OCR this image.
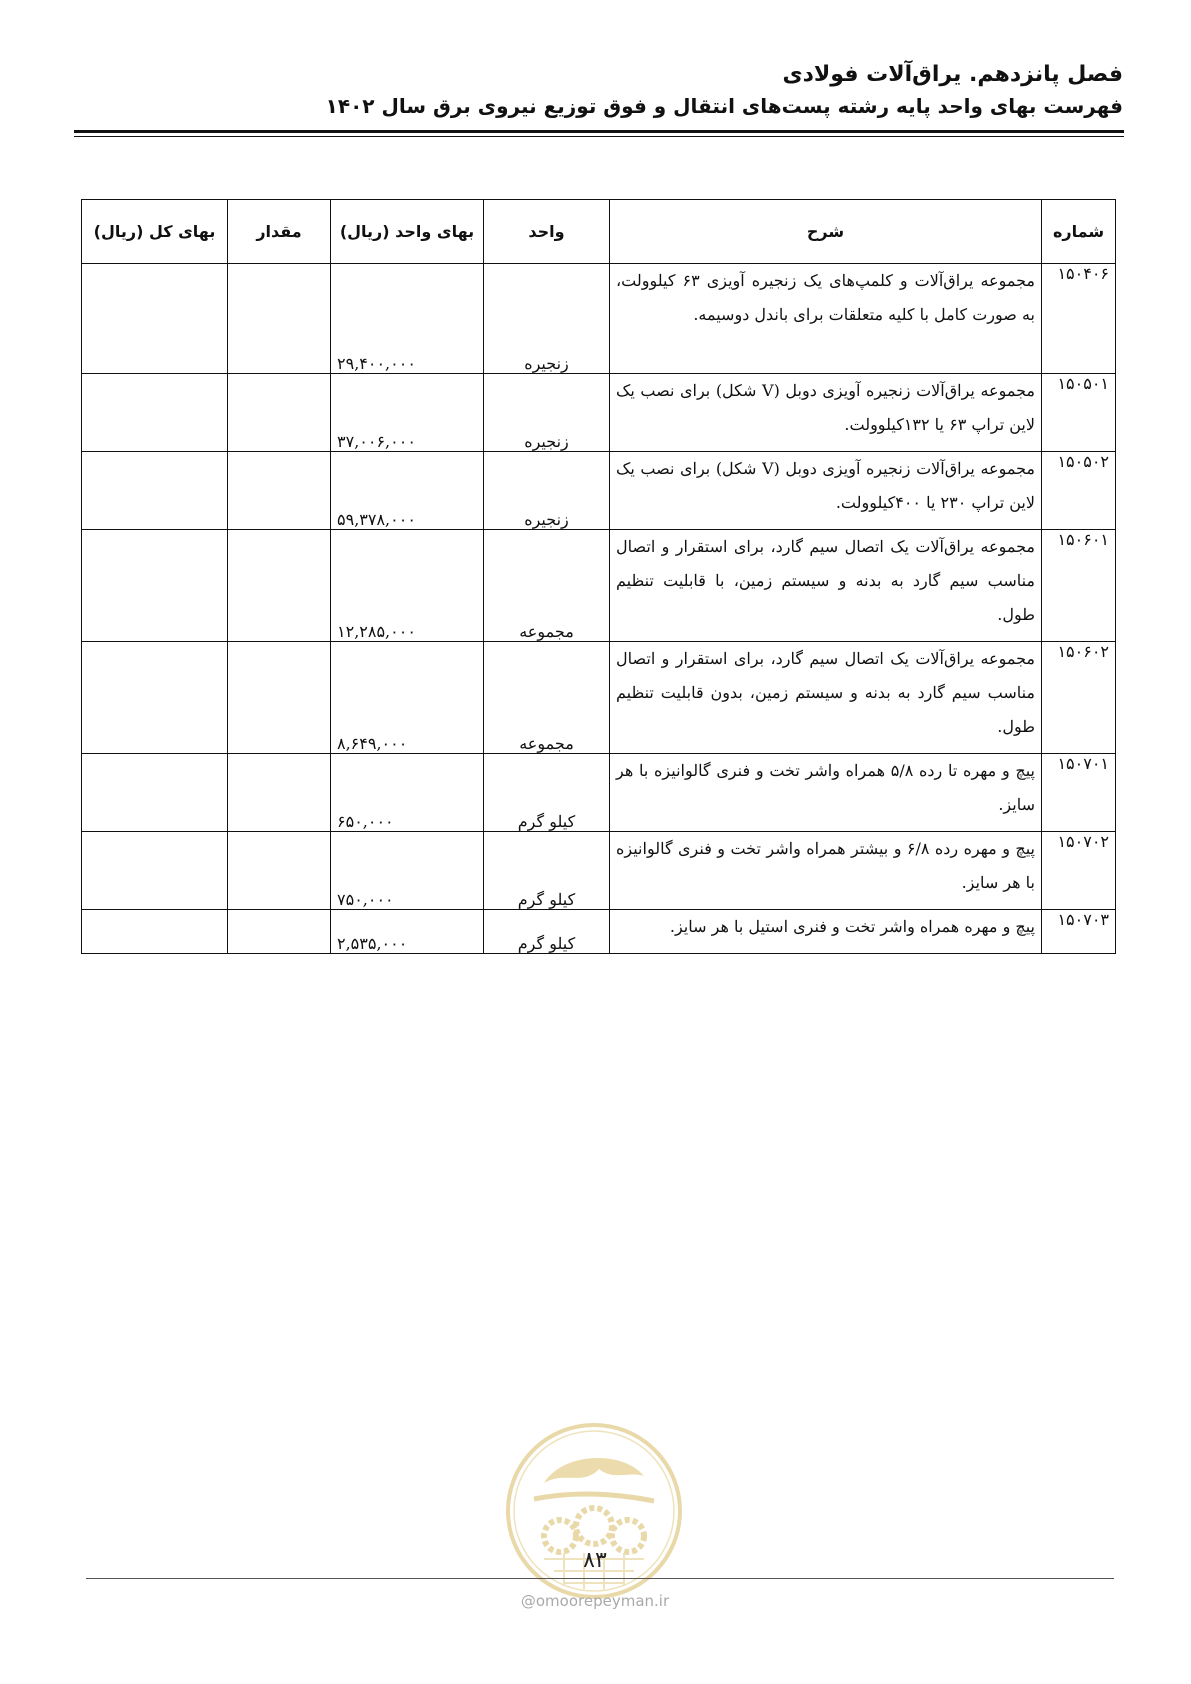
فصل پانزدهم. یراق‌آلات فولادی
فهرست بهای واحد پایه رشته پست‌های انتقال و فوق توزیع نیروی برق سال ۱۴۰۲
شماره	شرح	واحد	بهای واحد (ریال)	مقدار	بهای کل (ریال)
۱۵۰۴۰۶	مجموعه یراق‌آلات و کلمپ‌های یک زنجیره آویزی ۶۳ کیلوولت، به صورت کامل با کلیه متعلقات برای باندل دوسیمه.	زنجیره	۲۹,۴۰۰,۰۰۰		
۱۵۰۵۰۱	مجموعه یراق‌آلات زنجیره آویزی دوبل (V شکل) برای نصب یک لاین تراپ ۶۳ یا ۱۳۲کیلوولت.	زنجیره	۳۷,۰۰۶,۰۰۰		
۱۵۰۵۰۲	مجموعه یراق‌آلات زنجیره آویزی دوبل (V شکل) برای نصب یک لاین تراپ ۲۳۰ یا ۴۰۰کیلوولت.	زنجیره	۵۹,۳۷۸,۰۰۰		
۱۵۰۶۰۱	مجموعه یراق‌آلات یک اتصال سیم گارد، برای استقرار و اتصال مناسب سیم گارد به بدنه و سیستم زمین، با قابلیت تنظیم طول.	مجموعه	۱۲,۲۸۵,۰۰۰		
۱۵۰۶۰۲	مجموعه یراق‌آلات یک اتصال سیم گارد، برای استقرار و اتصال مناسب سیم گارد به بدنه و سیستم زمین، بدون قابلیت تنظیم طول.	مجموعه	۸,۶۴۹,۰۰۰		
۱۵۰۷۰۱	پیچ و مهره تا رده ۵/۸ همراه واشر تخت و فنری گالوانیزه با هر سایز.	کیلو گرم	۶۵۰,۰۰۰		
۱۵۰۷۰۲	پیچ و مهره رده ۶/۸ و بیشتر همراه واشر تخت و فنری گالوانیزه با هر سایز.	کیلو گرم	۷۵۰,۰۰۰		
۱۵۰۷۰۳	پیچ و مهره همراه واشر تخت و فنری استیل با هر سایز.	کیلو گرم	۲,۵۳۵,۰۰۰		
۸۳
@omoorepeyman.ir
